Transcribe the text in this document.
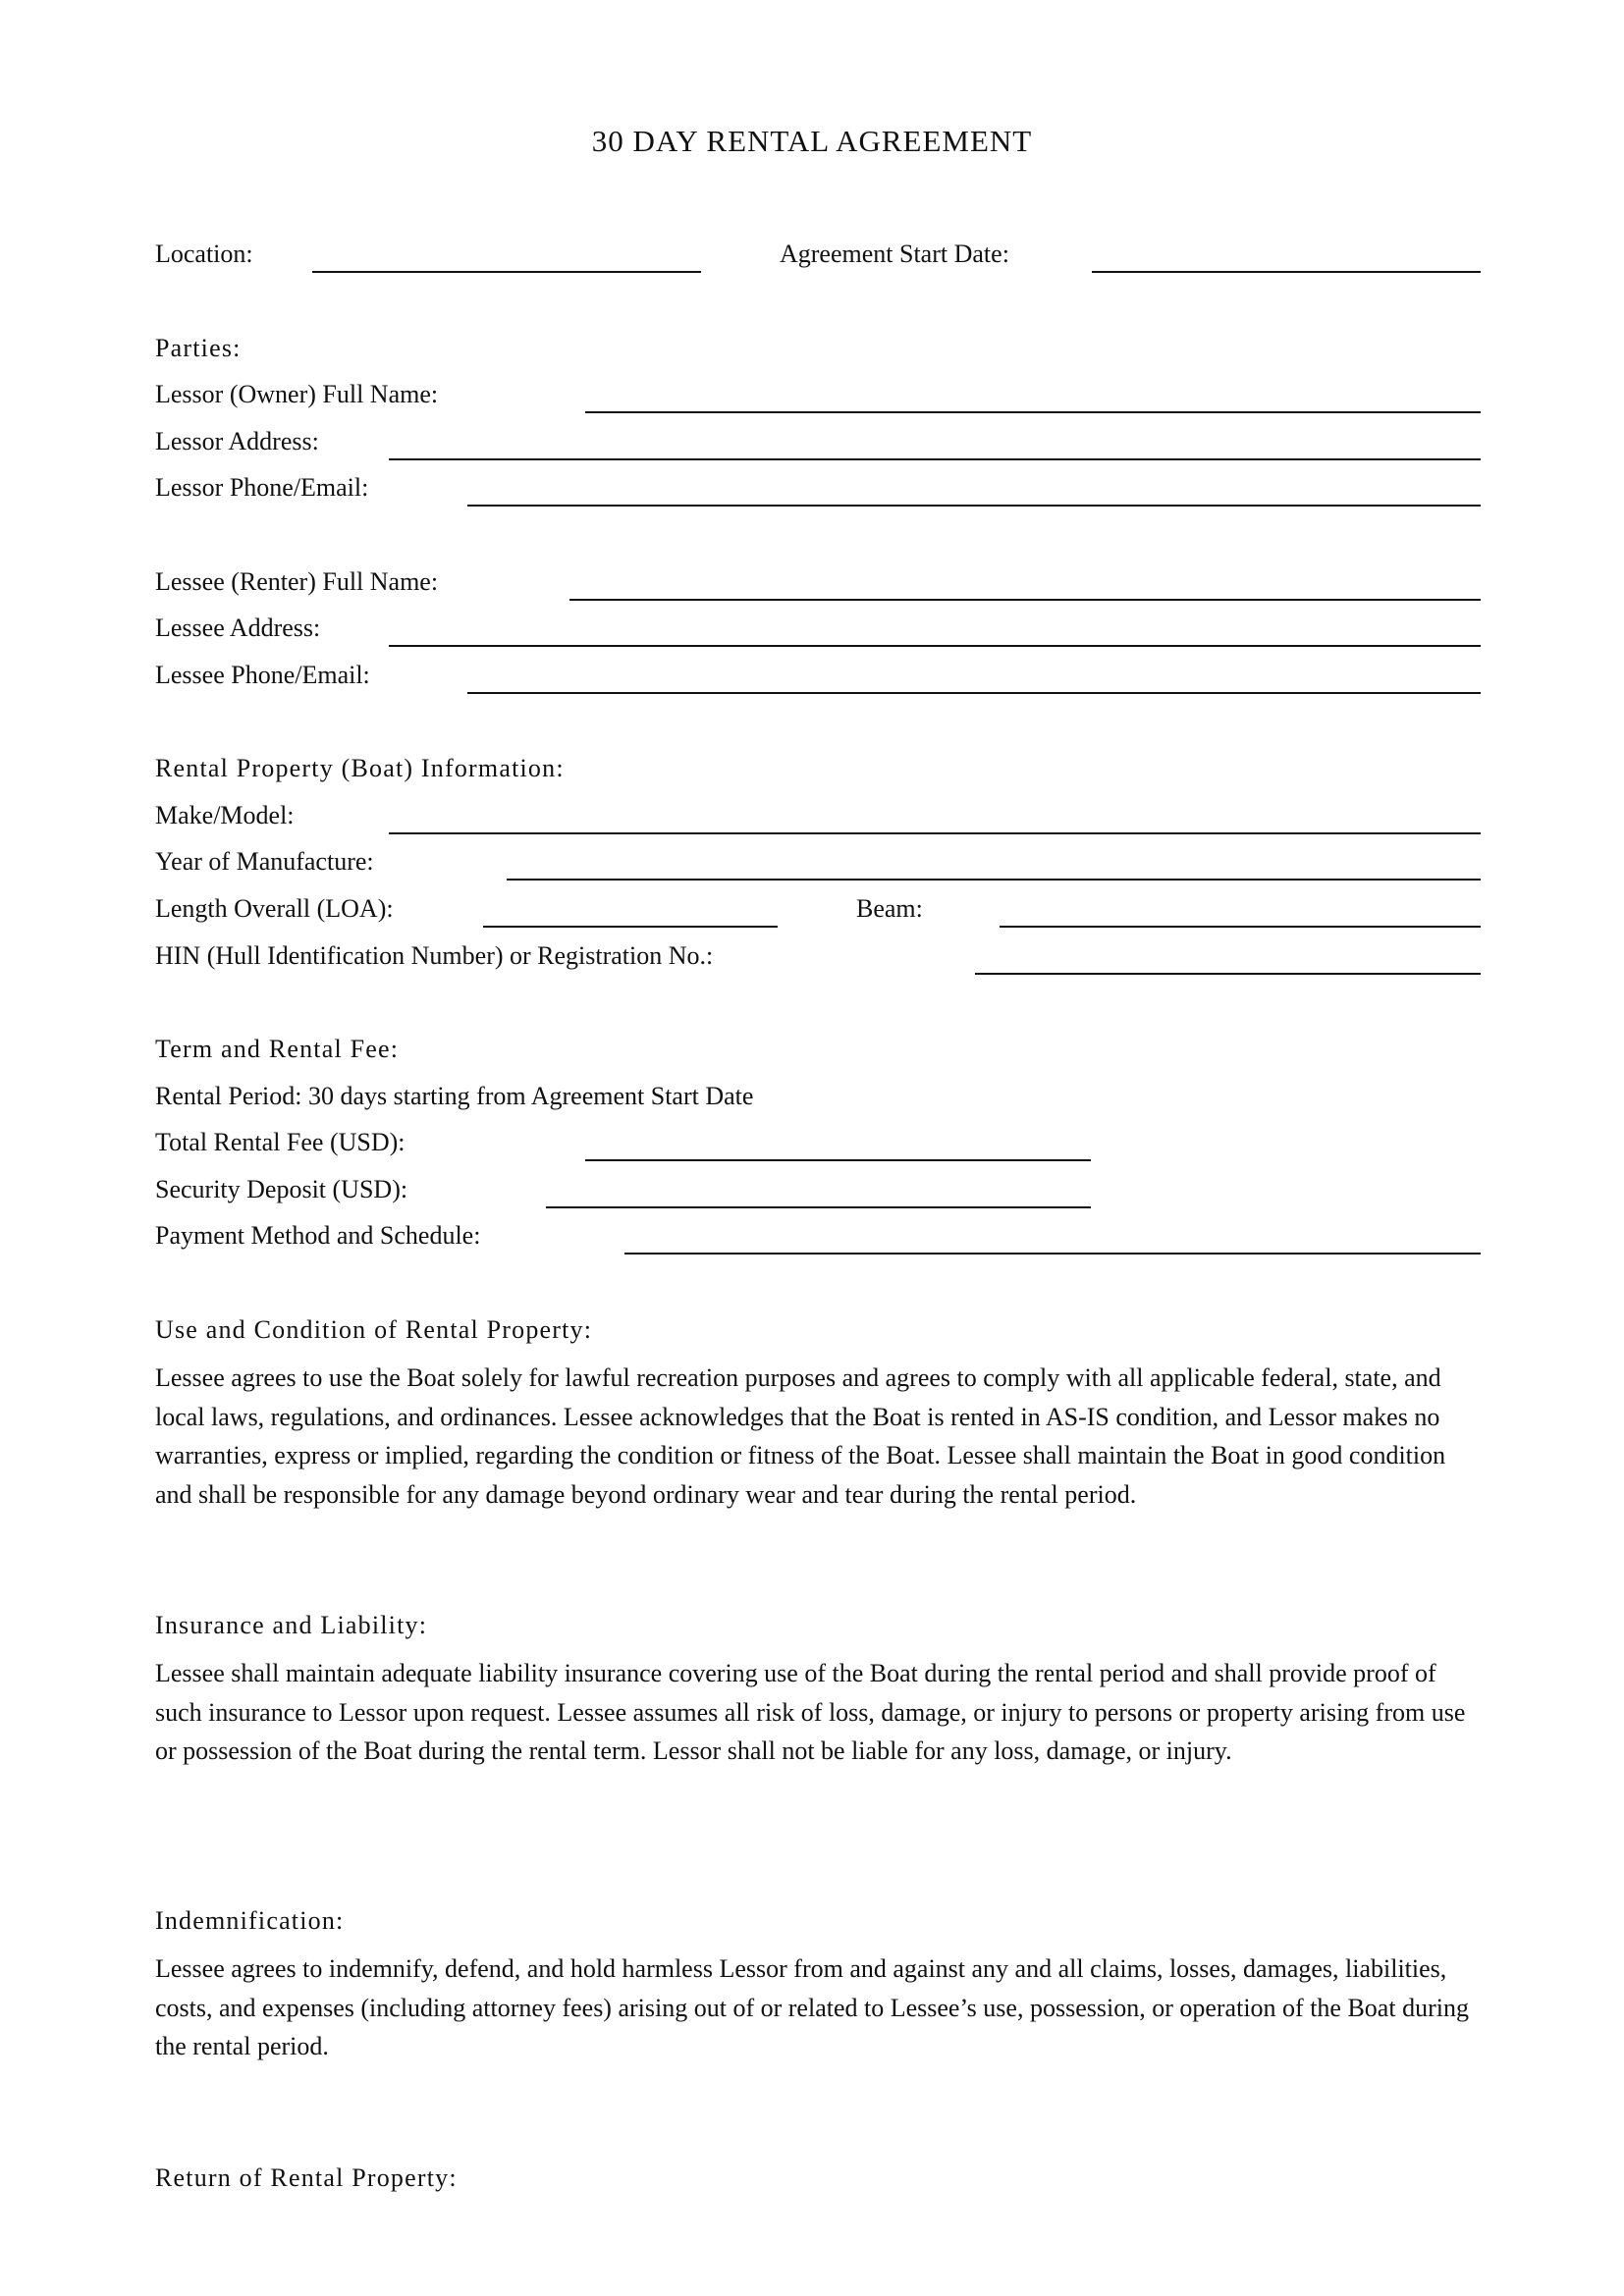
30 DAY RENTAL AGREEMENT
Location:	Agreement Start Date:
Parties:
Lessor (Owner) Full Name:
Lessor Address:
Lessor Phone/Email:
Lessee (Renter) Full Name:
Lessee Address:
Lessee Phone/Email:
Rental Property (Boat) Information:
Make/Model:
Year of Manufacture:
Length Overall (LOA):	Beam:
HIN (Hull Identification Number) or Registration No.:
Term and Rental Fee:
Rental Period: 30 days starting from Agreement Start Date
Total Rental Fee (USD):
Security Deposit (USD):
Payment Method and Schedule:
Use and Condition of Rental Property:
Lessee agrees to use the Boat solely for lawful recreation purposes and agrees to comply with all applicable federal, state, and local laws, regulations, and ordinances. Lessee acknowledges that the Boat is rented in AS-IS condition, and Lessor makes no warranties, express or implied, regarding the condition or fitness of the Boat. Lessee shall maintain the Boat in good condition and shall be responsible for any damage beyond ordinary wear and tear during the rental period.
Insurance and Liability:
Lessee shall maintain adequate liability insurance covering use of the Boat during the rental period and shall provide proof of such insurance to Lessor upon request. Lessee assumes all risk of loss, damage, or injury to persons or property arising from use or possession of the Boat during the rental term. Lessor shall not be liable for any loss, damage, or injury.
Indemnification:
Lessee agrees to indemnify, defend, and hold harmless Lessor from and against any and all claims, losses, damages, liabilities, costs, and expenses (including attorney fees) arising out of or related to Lessee’s use, possession, or operation of the Boat during the rental period.
Return of Rental Property:
